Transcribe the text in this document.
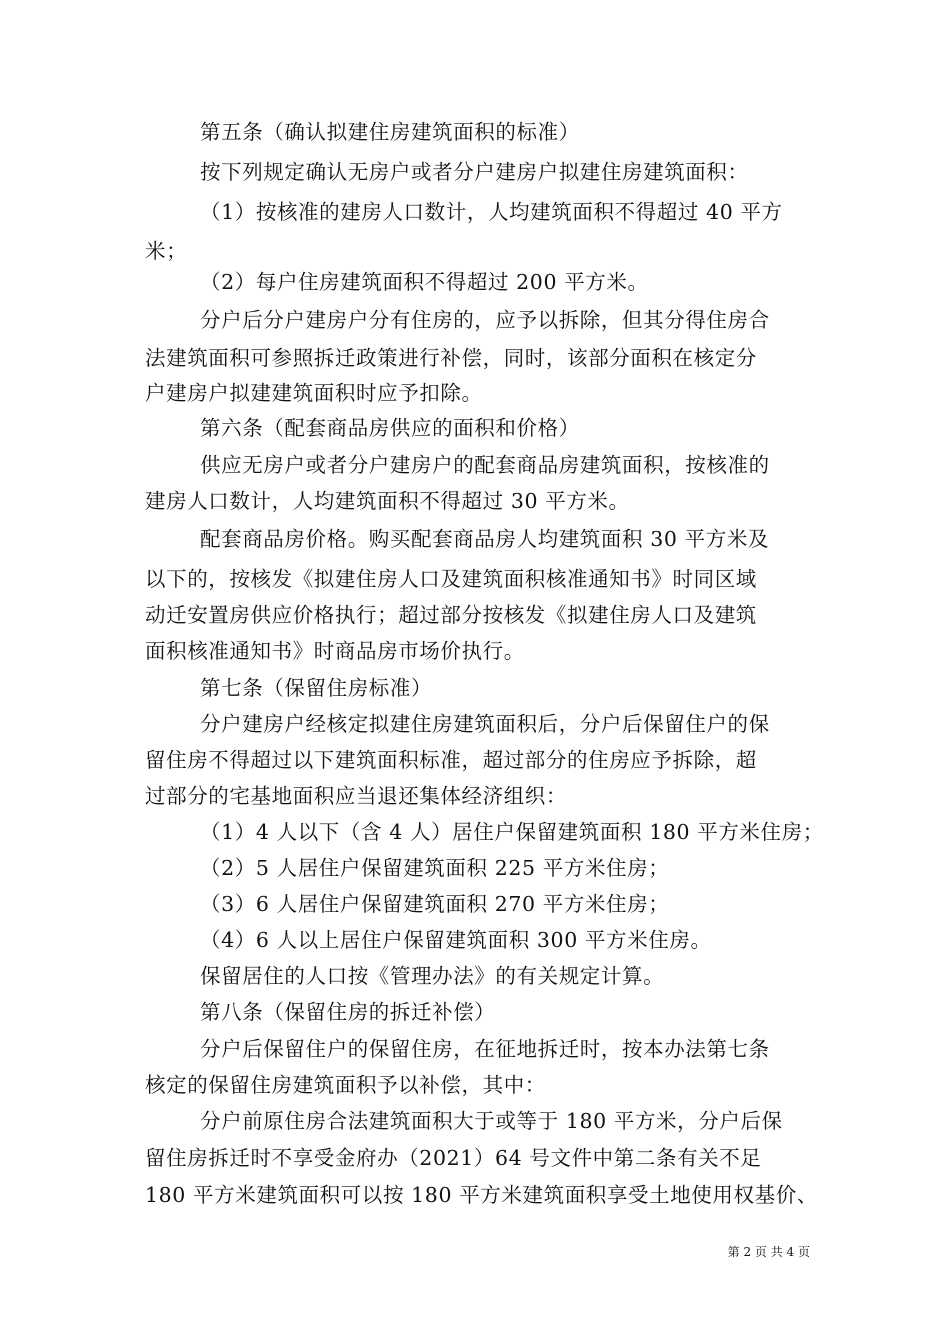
第五条（确认拟建住房建筑面积的标准）
按下列规定确认无房户或者分户建房户拟建住房建筑面积：
（1）按核准的建房人口数计，人均建筑面积不得超过 40 平方
米；
（2）每户住房建筑面积不得超过 200 平方米。
分户后分户建房户分有住房的，应予以拆除，但其分得住房合
法建筑面积可参照拆迁政策进行补偿，同时，该部分面积在核定分
户建房户拟建建筑面积时应予扣除。
第六条（配套商品房供应的面积和价格）
供应无房户或者分户建房户的配套商品房建筑面积，按核准的
建房人口数计，人均建筑面积不得超过 30 平方米。
配套商品房价格。购买配套商品房人均建筑面积 30 平方米及
以下的，按核发《拟建住房人口及建筑面积核准通知书》时同区域
动迁安置房供应价格执行；超过部分按核发《拟建住房人口及建筑
面积核准通知书》时商品房市场价执行。
第七条（保留住房标准）
分户建房户经核定拟建住房建筑面积后，分户后保留住户的保
留住房不得超过以下建筑面积标准，超过部分的住房应予拆除，超
过部分的宅基地面积应当退还集体经济组织：
（1）4 人以下（含 4 人）居住户保留建筑面积 180 平方米住房；
（2）5 人居住户保留建筑面积 225 平方米住房；
（3）6 人居住户保留建筑面积 270 平方米住房；
（4）6 人以上居住户保留建筑面积 300 平方米住房。
保留居住的人口按《管理办法》的有关规定计算。
第八条（保留住房的拆迁补偿）
分户后保留住户的保留住房，在征地拆迁时，按本办法第七条
核定的保留住房建筑面积予以补偿，其中：
分户前原住房合法建筑面积大于或等于 180 平方米，分户后保
留住房拆迁时不享受金府办（2021）64 号文件中第二条有关不足
180 平方米建筑面积可以按 180 平方米建筑面积享受土地使用权基价、
第 2 页 共 4 页
